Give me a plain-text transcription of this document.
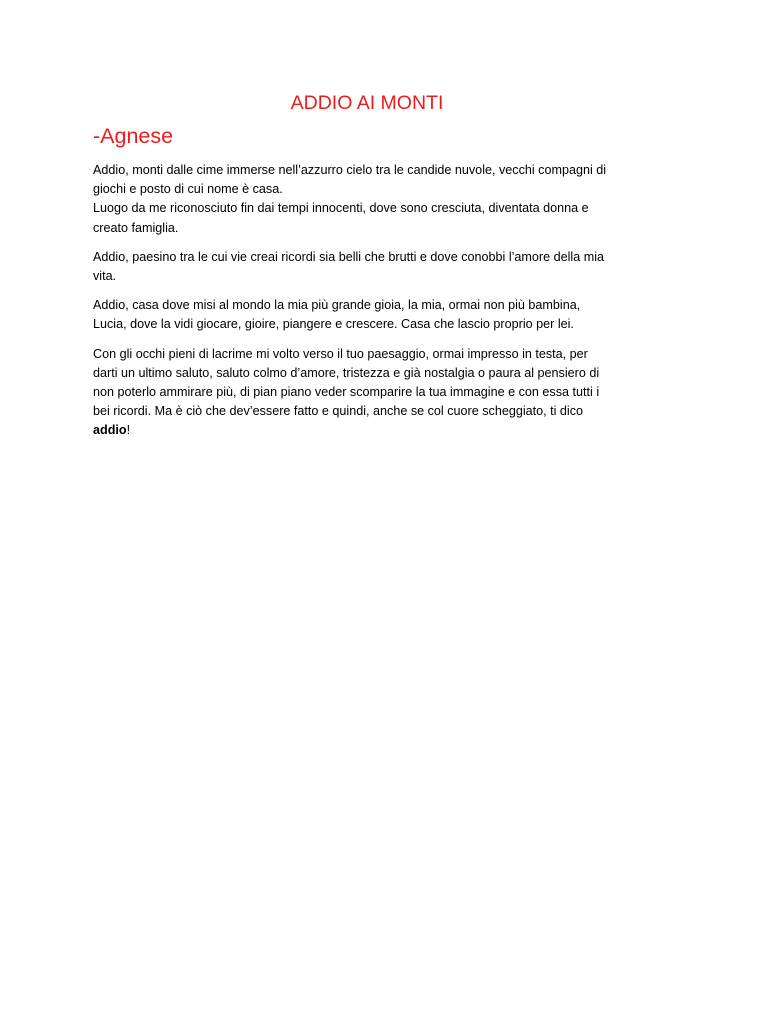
ADDIO AI MONTI
-Agnese

Addio, monti dalle cime immerse nell’azzurro cielo tra le candide nuvole, vecchi compagni di
giochi e posto di cui nome è casa.
Luogo da me riconosciuto fin dai tempi innocenti, dove sono cresciuta, diventata donna e
creato famiglia.

Addio, paesino tra le cui vie creai ricordi sia belli che brutti e dove conobbi l’amore della mia
vita.

Addio, casa dove misi al mondo la mia più grande gioia, la mia, ormai non più bambina,
Lucia, dove la vidi giocare, gioire, piangere e crescere. Casa che lascio proprio per lei.

Con gli occhi pieni di lacrime mi volto verso il tuo paesaggio, ormai impresso in testa, per
darti un ultimo saluto, saluto colmo d’amore, tristezza e già nostalgia o paura al pensiero di
non poterlo ammirare più, di pian piano veder scomparire la tua immagine e con essa tutti i
bei ricordi. Ma è ciò che dev’essere fatto e quindi, anche se col cuore scheggiato, ti dico
addio!
